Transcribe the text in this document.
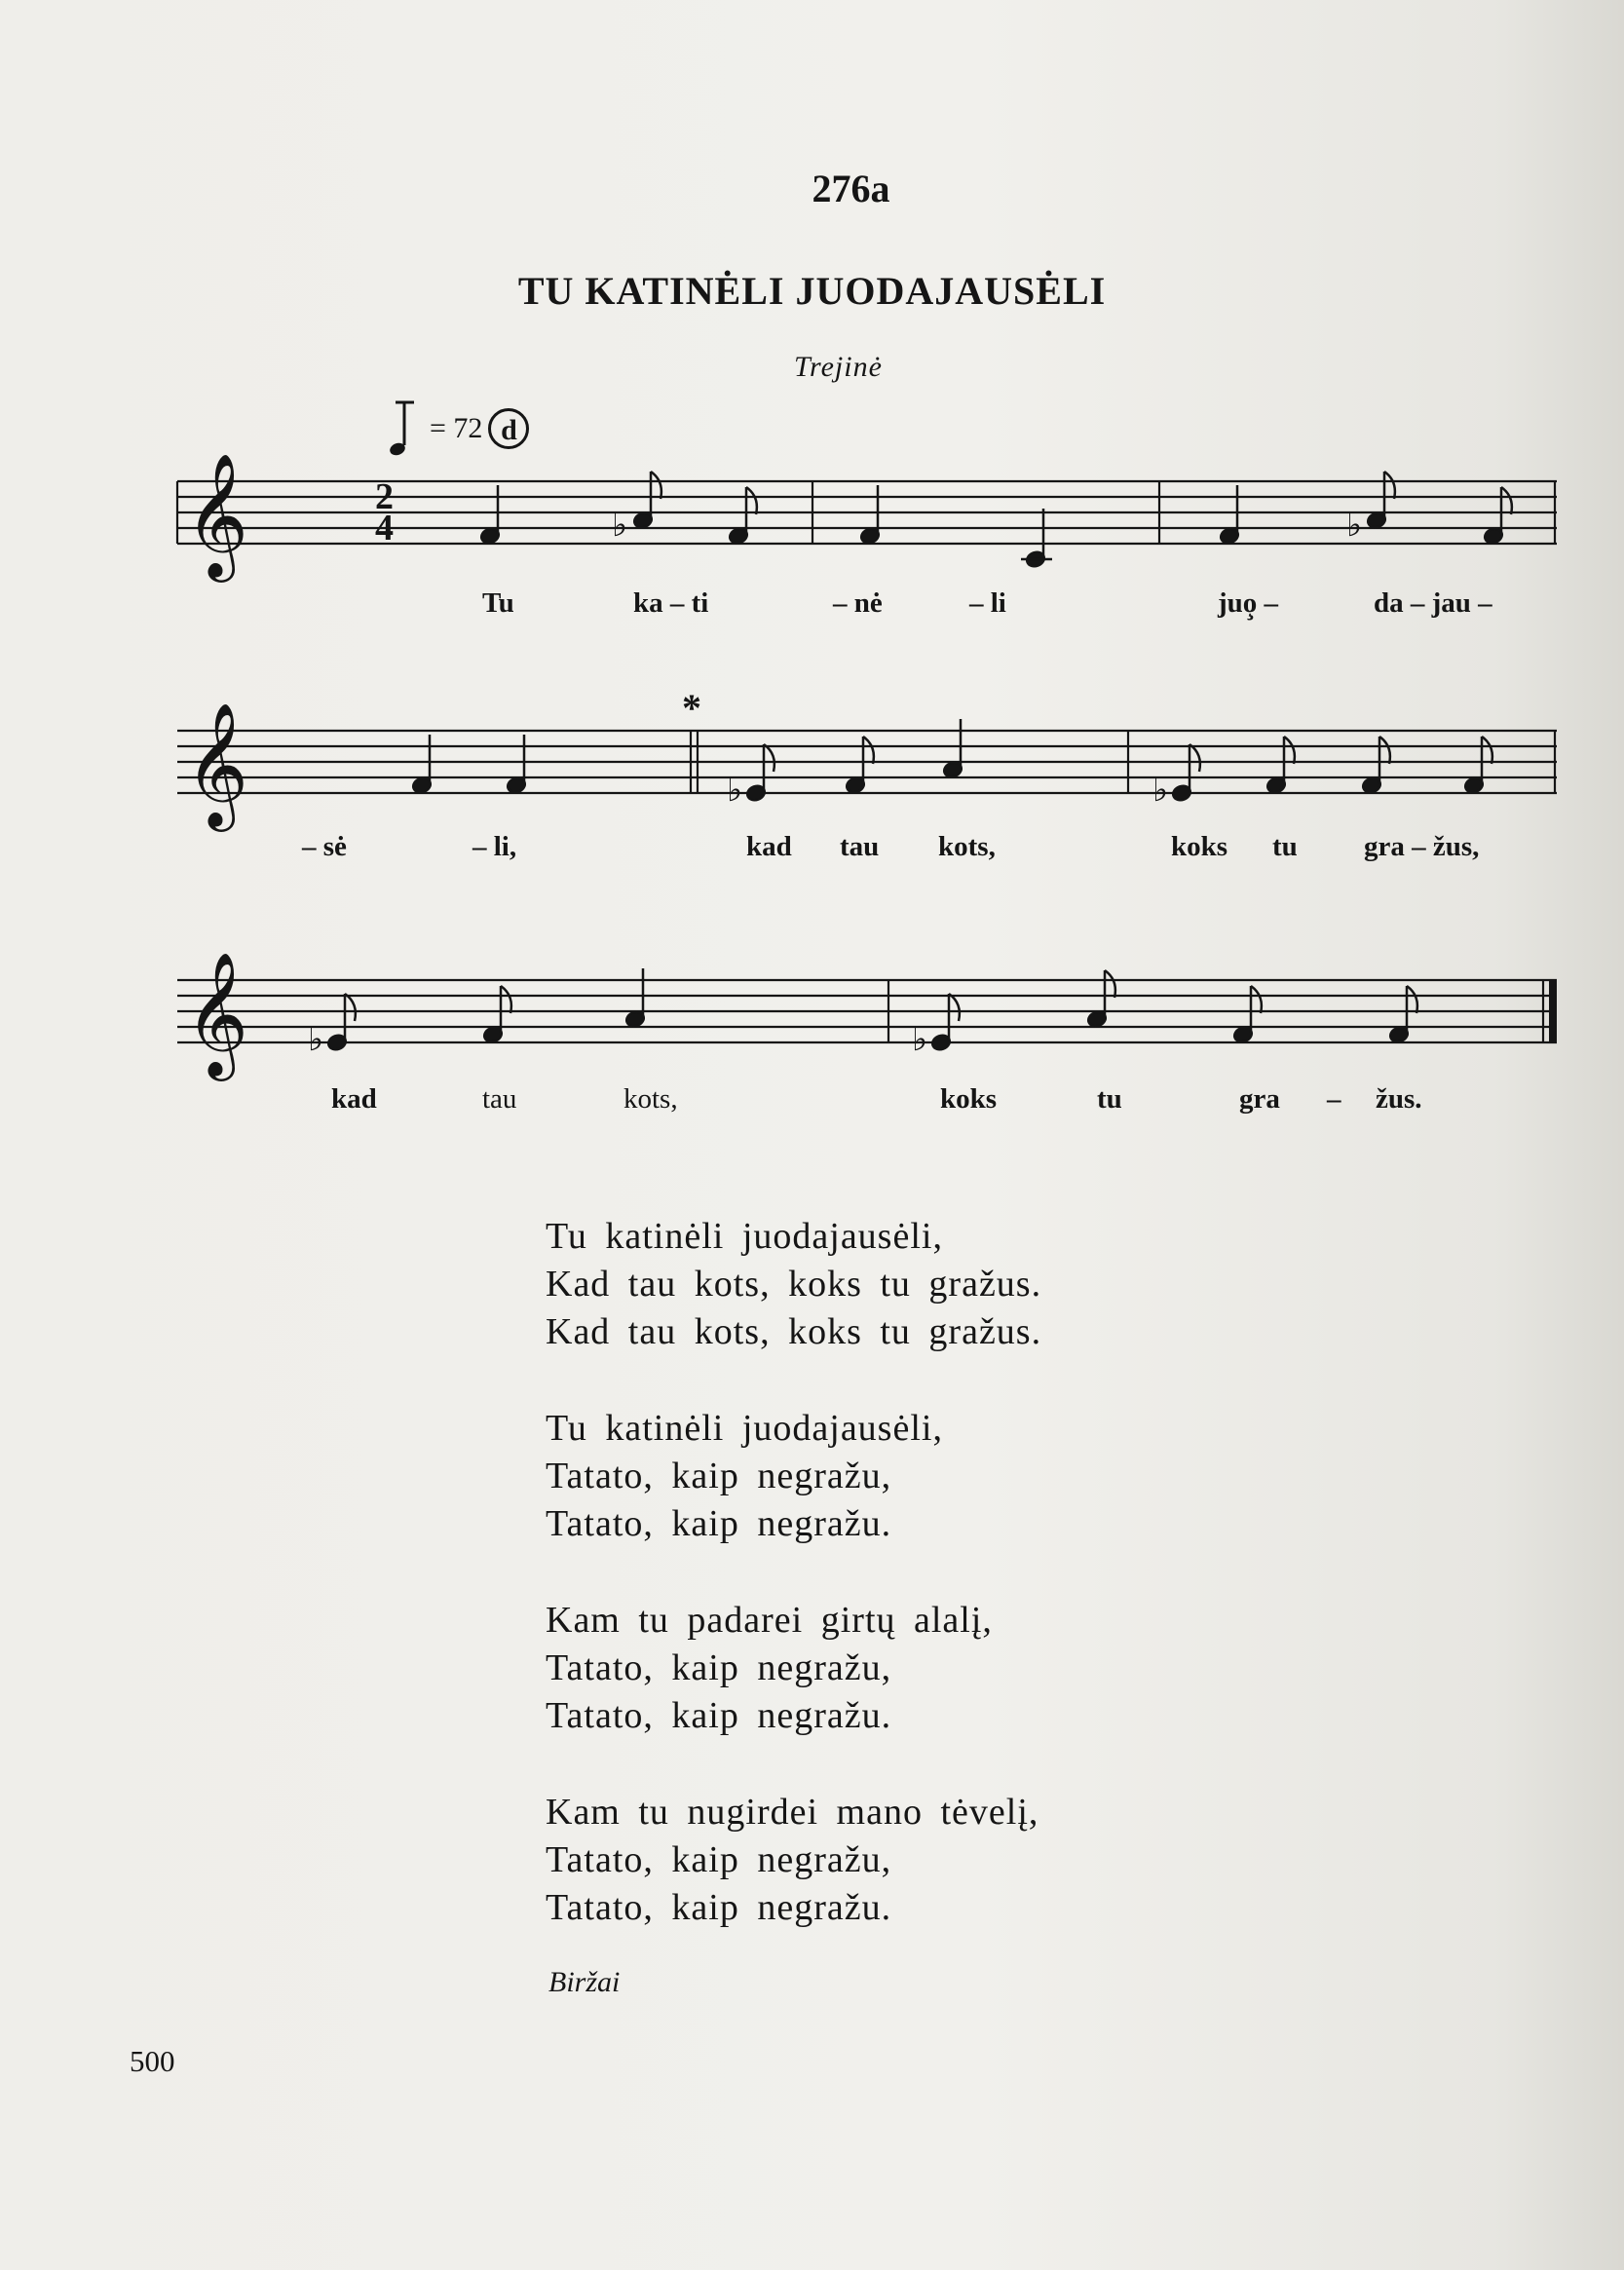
276a
TU KATINĖLI JUODAJAUSĖLI
Trejinė
= 72 d
𝄞	2
4	♭	♭
Tu	ka – ti	– nė	– li	juo̧ –	da – jau –
*
𝄞	♭	♭
– sė	– li,	kad tau kots,	koks tu gra – žus,
𝄞 ♭	♭
kad	tau	kots,	koks	tu	gra – žus.
Tu katinėli juodajausėli,
Kad tau kots, koks tu gražus.
Kad tau kots, koks tu gražus.
Tu katinėli juodajausėli,
Tatato, kaip negražu,
Tatato, kaip negražu.
Kam tu padarei girtų alalį,
Tatato, kaip negražu,
Tatato, kaip negražu.
Kam tu nugirdei mano tėvelį,
Tatato, kaip negražu,
Tatato, kaip negražu.
Biržai
500
